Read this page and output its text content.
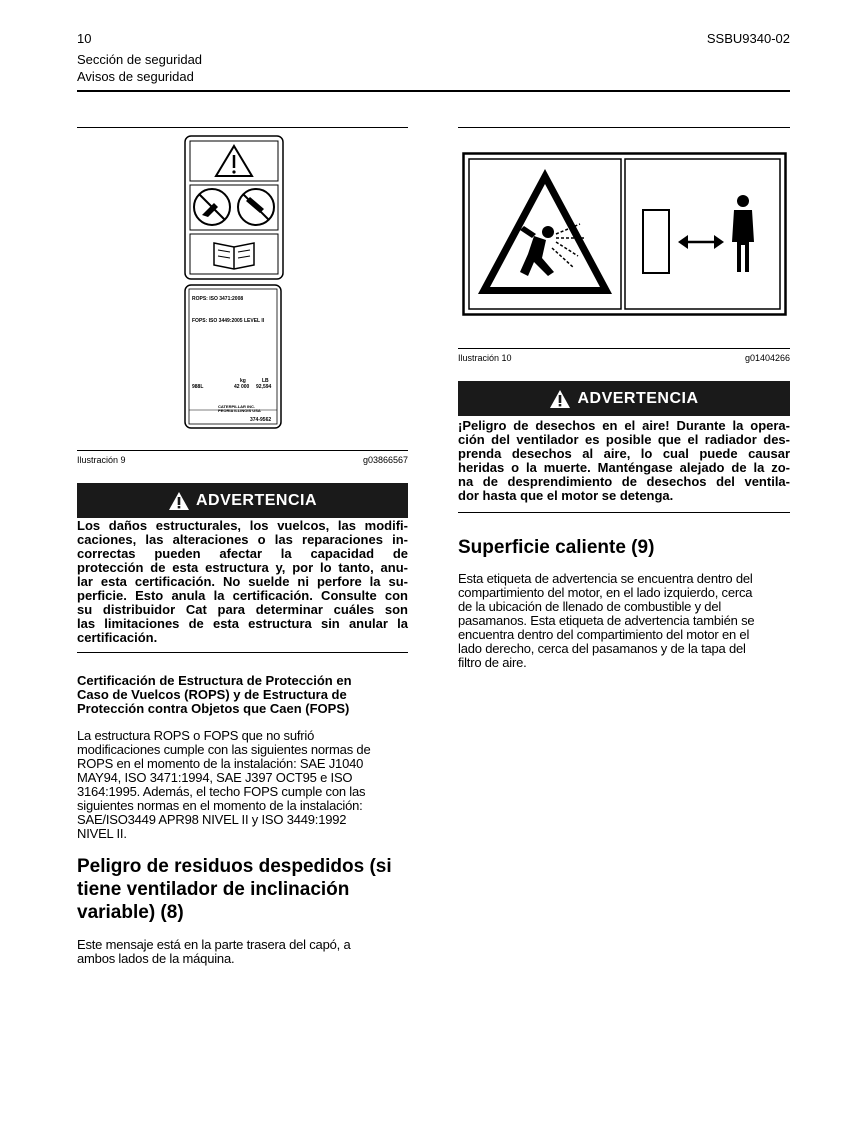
10	SSBU9340-02
Sección de seguridad
Avisos de seguridad
ROPS: ISO 3471:2008
FOPS: ISO 3449:2005 LEVEL II
kg	LB
988L	42 000 92,594
CATERPILLAR INC.
PEORIA ILLINOIS USA
374-9562
Ilustración 9	g03866567
ADVERTENCIA
Los daños estructurales, los vuelcos, las modifi-
caciones, las alteraciones o las reparaciones in-
correctas pueden afectar la capacidad de
protección de esta estructura y, por lo tanto, anu-
lar esta certificación. No suelde ni perfore la su-
perficie. Esto anula la certificación. Consulte con
su distribuidor Cat para determinar cuáles son
las limitaciones de esta estructura sin anular la
certificación.
Certificación de Estructura de Protección en
Caso de Vuelcos (ROPS) y de Estructura de
Protección contra Objetos que Caen (FOPS)
La estructura ROPS o FOPS que no sufrió
modificaciones cumple con las siguientes normas de
ROPS en el momento de la instalación: SAE J1040
MAY94, ISO 3471:1994, SAE J397 OCT95 e ISO
3164:1995. Además, el techo FOPS cumple con las
siguientes normas en el momento de la instalación:
SAE/ISO3449 APR98 NIVEL II y ISO 3449:1992
NIVEL II.
Peligro de residuos despedidos (si
tiene ventilador de inclinación
variable) (8)
Este mensaje está en la parte trasera del capó, a
ambos lados de la máquina.
Ilustración 10	g01404266
ADVERTENCIA
¡Peligro de desechos en el aire! Durante la opera-
ción del ventilador es posible que el radiador des-
prenda desechos al aire, lo cual puede causar
heridas o la muerte. Manténgase alejado de la zo-
na de desprendimiento de desechos del ventila-
dor hasta que el motor se detenga.
Superficie caliente (9)
Esta etiqueta de advertencia se encuentra dentro del
compartimiento del motor, en el lado izquierdo, cerca
de la ubicación de llenado de combustible y del
pasamanos. Esta etiqueta de advertencia también se
encuentra dentro del compartimiento del motor en el
lado derecho, cerca del pasamanos y de la tapa del
filtro de aire.
